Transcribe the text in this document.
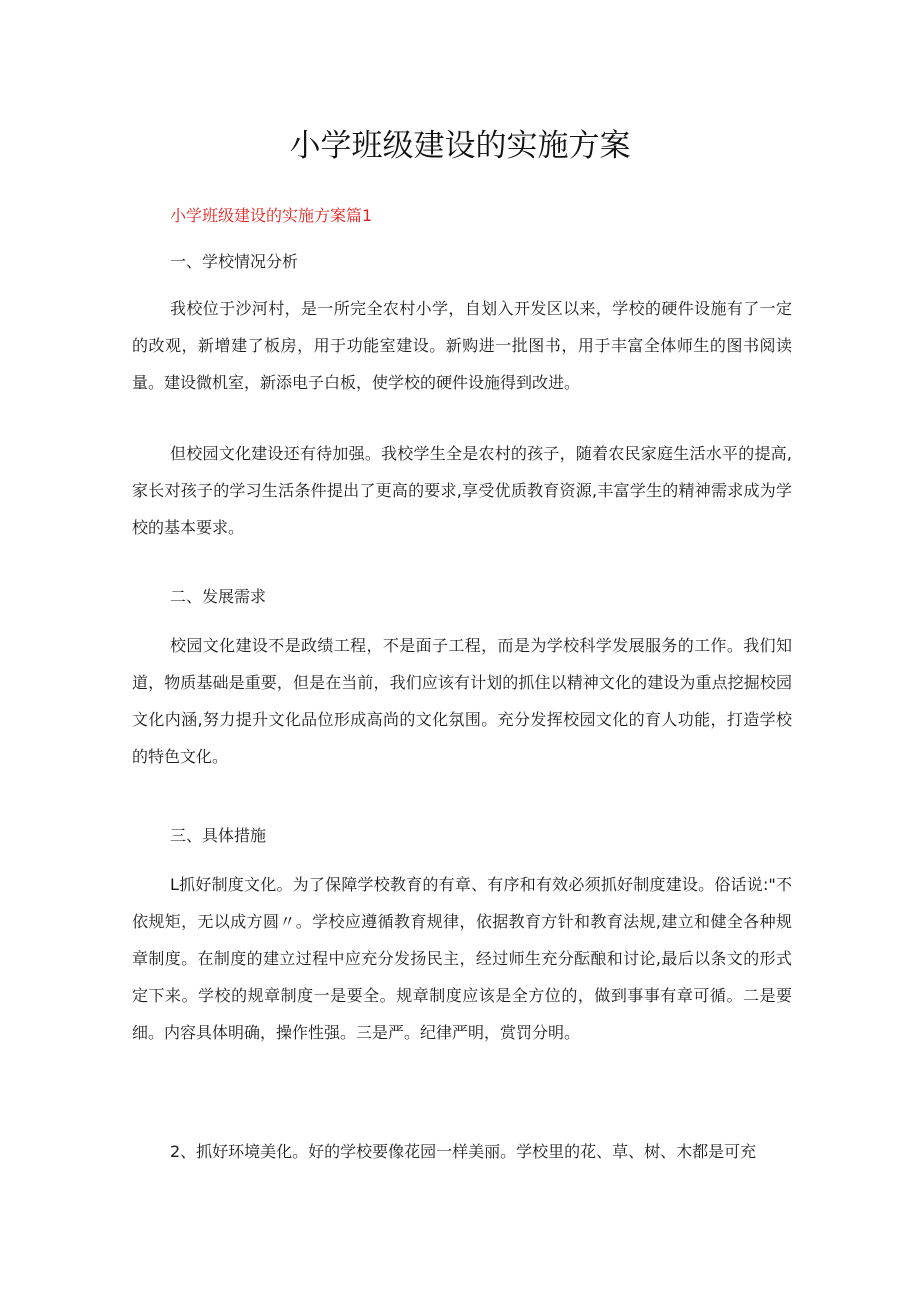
小学班级建设的实施方案

小学班级建设的实施方案篇1

一、学校情况分析

我校位于沙河村，是一所完全农村小学，自划入开发区以来，学校的硬件设施有了一定的改观，新增建了板房，用于功能室建设。新购进一批图书，用于丰富全体师生的图书阅读量。建设微机室，新添电子白板，使学校的硬件设施得到改进。

但校园文化建设还有待加强。我校学生全是农村的孩子，随着农民家庭生活水平的提高,家长对孩子的学习生活条件提出了更高的要求,享受优质教育资源,丰富学生的精神需求成为学校的基本要求。

二、发展需求

校园文化建设不是政绩工程，不是面子工程，而是为学校科学发展服务的工作。我们知道，物质基础是重要，但是在当前，我们应该有计划的抓住以精神文化的建设为重点挖掘校园文化内涵,努力提升文化品位形成高尚的文化氛围。充分发挥校园文化的育人功能，打造学校的特色文化。

三、具体措施

L抓好制度文化。为了保障学校教育的有章、有序和有效必须抓好制度建设。俗话说:"不依规矩，无以成方圆〃。学校应遵循教育规律，依据教育方针和教育法规,建立和健全各种规章制度。在制度的建立过程中应充分发扬民主，经过师生充分酝酿和讨论,最后以条文的形式定下来。学校的规章制度一是要全。规章制度应该是全方位的，做到事事有章可循。二是要细。内容具体明确，操作性强。三是严。纪律严明，赏罚分明。

2、抓好环境美化。好的学校要像花园一样美丽。学校里的花、草、树、木都是可充
